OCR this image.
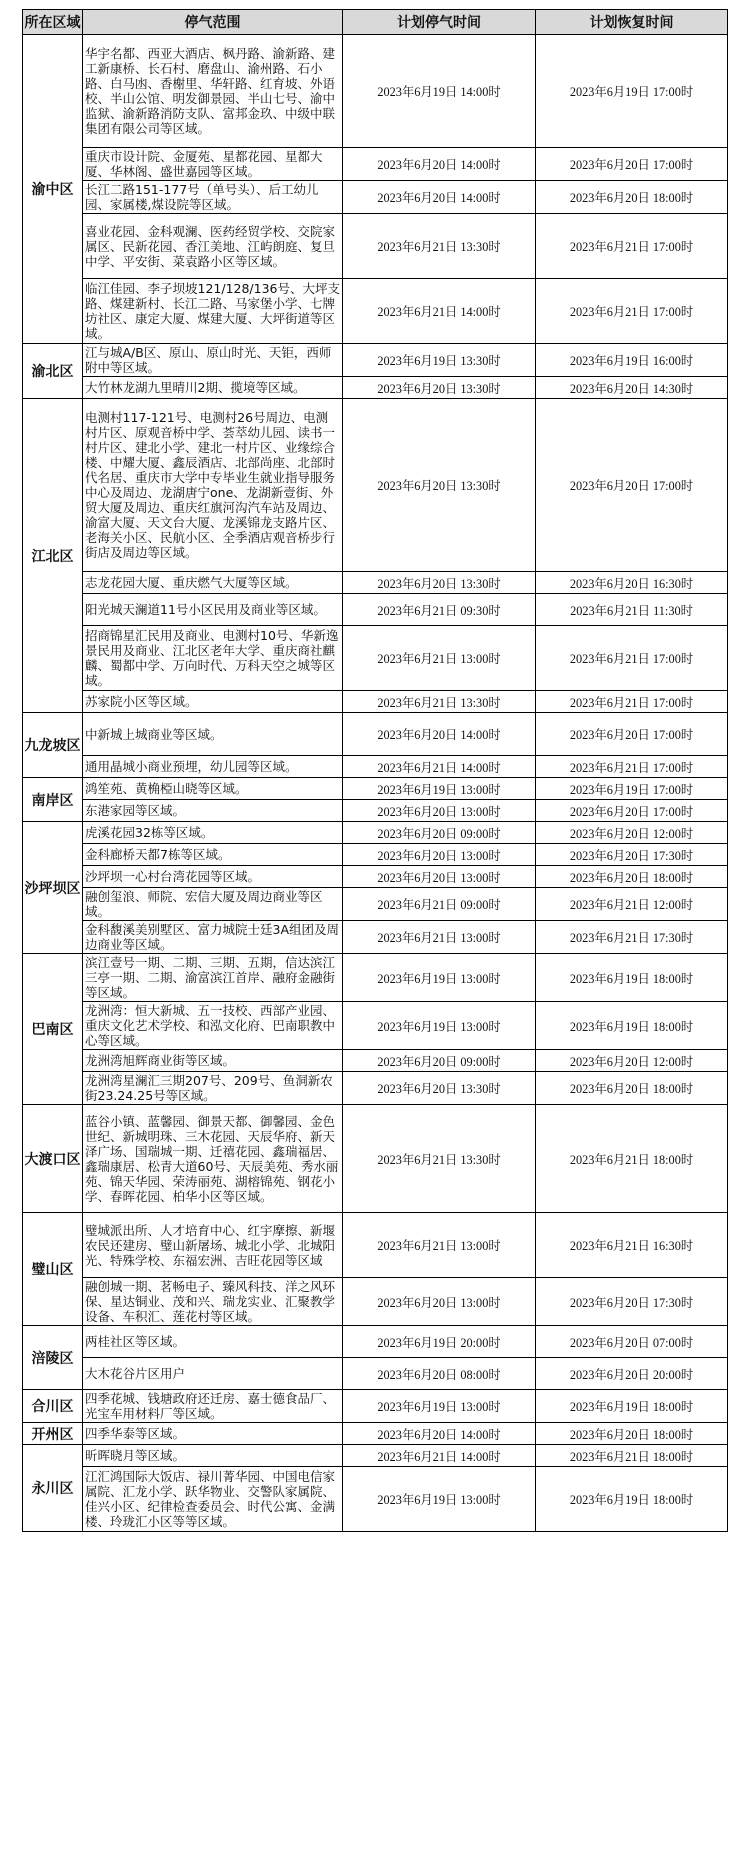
所在区域	停气范围	计划停气时间	计划恢复时间
渝中区	华宇名都、西亚大酒店、枫丹路、渝新路、建工新康桥、长石村、磨盘山、渝州路、石小路、白马凼、香榭里、华轩路、红育坡、外语校、半山公馆、明发御景园、半山七号、渝中监狱、渝新路消防支队、富邦金玖、中级中联集团有限公司等区域。	2023年6月19日 14:00时	2023年6月19日 17:00时
	重庆市设计院、金厦苑、星都花园、星都大厦、华林阁、盛世嘉园等区域。	2023年6月20日 14:00时	2023年6月20日 17:00时
	长江二路151-177号（单号头）、后工幼儿园、家属楼,煤设院等区域。	2023年6月20日 14:00时	2023年6月20日 18:00时
	喜业花园、金科观澜、医药经贸学校、交院家属区、民新花园、香江美地、江屿朗庭、复旦中学、平安街、菜袁路小区等区域。	2023年6月21日 13:30时	2023年6月21日 17:00时
	临江佳园、李子坝坡121/128/136号、大坪支路、煤建新村、长江二路、马家堡小学、七牌坊社区、康定大厦、煤建大厦、大坪街道等区域。	2023年6月21日 14:00时	2023年6月21日 17:00时
渝北区	江与城A/B区、原山、原山时光、天钜，西师附中等区域。	2023年6月19日 13:30时	2023年6月19日 16:00时
	大竹林龙湖九里晴川2期、揽境等区域。	2023年6月20日 13:30时	2023年6月20日 14:30时
江北区	电测村117-121号、电测村26号周边、电测村片区、原观音桥中学、荟萃幼儿园、读书一村片区、建北小学、建北一村片区、业缘综合楼、中耀大厦、鑫辰酒店、北部尚座、北部时代名居、重庆市大学中专毕业生就业指导服务中心及周边、龙湖唐宁one、龙湖新壹街、外贸大厦及周边、重庆红旗河沟汽车站及周边、渝富大厦、天文台大厦、龙溪锦龙支路片区、老海关小区、民航小区、全季酒店观音桥步行街店及周边等区域。	2023年6月20日 13:30时	2023年6月20日 17:00时
	志龙花园大厦、重庆燃气大厦等区域。	2023年6月20日 13:30时	2023年6月20日 16:30时
	阳光城天澜道11号小区民用及商业等区域。	2023年6月21日 09:30时	2023年6月21日 11:30时
	招商锦星汇民用及商业、电测村10号、华新逸景民用及商业、江北区老年大学、重庆商社麒麟、蜀都中学、万向时代、万科天空之城等区域。	2023年6月21日 13:00时	2023年6月21日 17:00时
	苏家院小区等区域。	2023年6月21日 13:30时	2023年6月21日 17:00时
九龙坡区	中新城上城商业等区域。	2023年6月20日 14:00时	2023年6月20日 17:00时
	通用晶城小商业预埋，幼儿园等区域。	2023年6月21日 14:00时	2023年6月21日 17:00时
南岸区	鸿笙苑、黄桷椏山晓等区域。	2023年6月19日 13:00时	2023年6月19日 17:00时
	东港家园等区域。	2023年6月20日 13:00时	2023年6月20日 17:00时
沙坪坝区	虎溪花园32栋等区域。	2023年6月20日 09:00时	2023年6月20日 12:00时
	金科廊桥天都7栋等区域。	2023年6月20日 13:00时	2023年6月20日 17:30时
	沙坪坝一心村台湾花园等区域。	2023年6月20日 13:00时	2023年6月20日 18:00时
	融创玺浪、师院、宏信大厦及周边商业等区域。	2023年6月21日 09:00时	2023年6月21日 12:00时
	金科馥溪美别墅区、富力城院士廷3A组团及周边商业等区域。	2023年6月21日 13:00时	2023年6月21日 17:30时
巴南区	滨江壹号一期、二期、三期、五期，信达滨江三亭一期、二期、渝富滨江首岸、融府金融街等区域。	2023年6月19日 13:00时	2023年6月19日 18:00时
	龙洲湾：恒大新城、五一技校、西部产业园、重庆文化艺术学校、和泓文化府、巴南职教中心等区域。	2023年6月19日 13:00时	2023年6月19日 18:00时
	龙洲湾旭辉商业街等区域。	2023年6月20日 09:00时	2023年6月20日 12:00时
	龙洲湾星澜汇三期207号、209号、鱼洞新农街23.24.25号等区域。	2023年6月20日 13:30时	2023年6月20日 18:00时
大渡口区	蓝谷小镇、蓝馨园、御景天都、御馨园、金色世纪、新城明珠、三木花园、天辰华府、新天泽广场、国瑞城一期、迁禧花园、鑫瑞福居、鑫瑞康居、松青大道60号、天辰美苑、秀水丽苑、锦天华园、荣涛丽苑、湖榕锦苑、钢花小学、春晖花园、柏华小区等区域。	2023年6月21日 13:30时	2023年6月21日 18:00时
璧山区	璧城派出所、人才培育中心、红宇摩擦、新堰农民还建房、璧山新屠场、城北小学、北城阳光、特殊学校、东福宏洲、吉旺花园等区域	2023年6月21日 13:00时	2023年6月21日 16:30时
	融创城一期、茗畅电子、臻风科技、洋之风环保、星达铜业、茂和兴、瑞龙实业、汇聚教学设备、车积汇、莲花村等区域。	2023年6月20日 13:00时	2023年6月20日 17:30时
涪陵区	两桂社区等区域。	2023年6月19日 20:00时	2023年6月20日 07:00时
	大木花谷片区用户	2023年6月20日 08:00时	2023年6月20日 20:00时
合川区	四季花城、钱塘政府还迁房、嘉士德食品厂、光宝车用材料厂等区域。	2023年6月19日 13:00时	2023年6月19日 18:00时
开州区	四季华泰等区域。	2023年6月20日 14:00时	2023年6月20日 18:00时
永川区	昕晖晓月等区域。	2023年6月21日 14:00时	2023年6月21日 18:00时
	江汇鸿国际大饭店、禄川菁华园、中国电信家属院、汇龙小学、跃华物业、交警队家属院、佳兴小区、纪律检查委员会、时代公寓、金满楼、玲珑汇小区等等区域。	2023年6月19日 13:00时	2023年6月19日 18:00时
